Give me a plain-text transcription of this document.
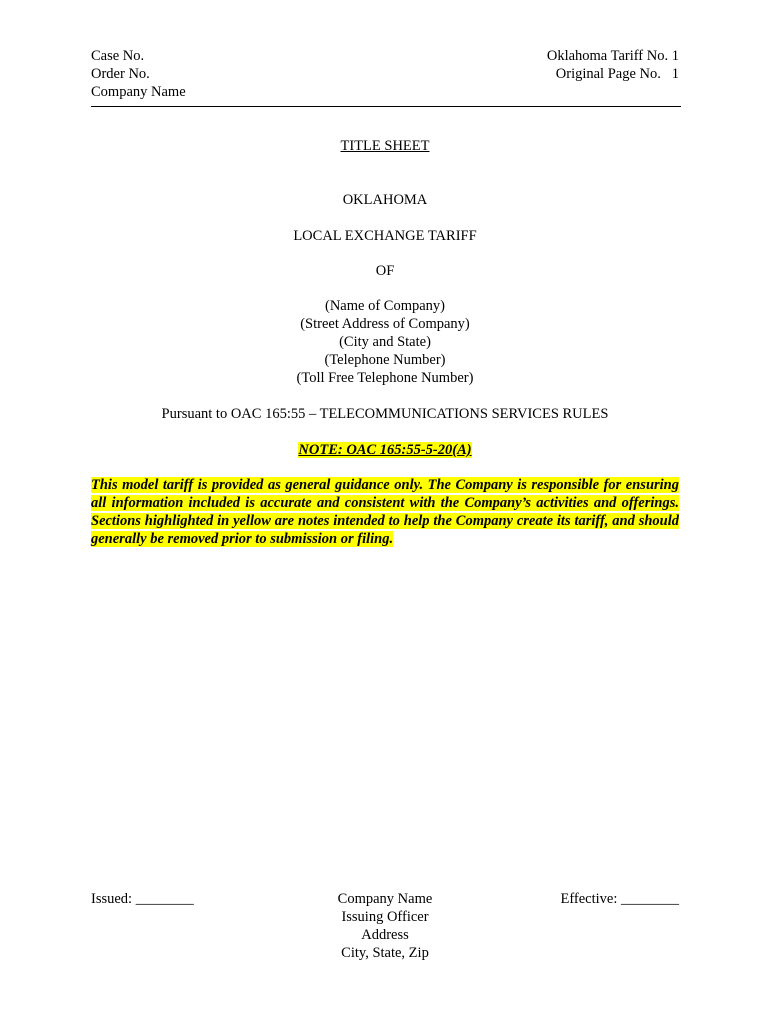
Case No.
Order No.
Company Name
Oklahoma Tariff No. 1
Original Page No.   1
TITLE SHEET
OKLAHOMA
LOCAL EXCHANGE TARIFF
OF
(Name of Company)
(Street Address of Company)
(City and State)
(Telephone Number)
(Toll Free Telephone Number)
Pursuant to OAC 165:55 – TELECOMMUNICATIONS SERVICES RULES
NOTE: OAC 165:55-5-20(A)
This model tariff is provided as general guidance only. The Company is responsible for ensuring all information included is accurate and consistent with the Company’s activities and offerings. Sections highlighted in yellow are notes intended to help the Company create its tariff, and should generally be removed prior to submission or filing.
Issued: ________	Company Name
Issuing Officer
Address
City, State, Zip
Effective: ________
